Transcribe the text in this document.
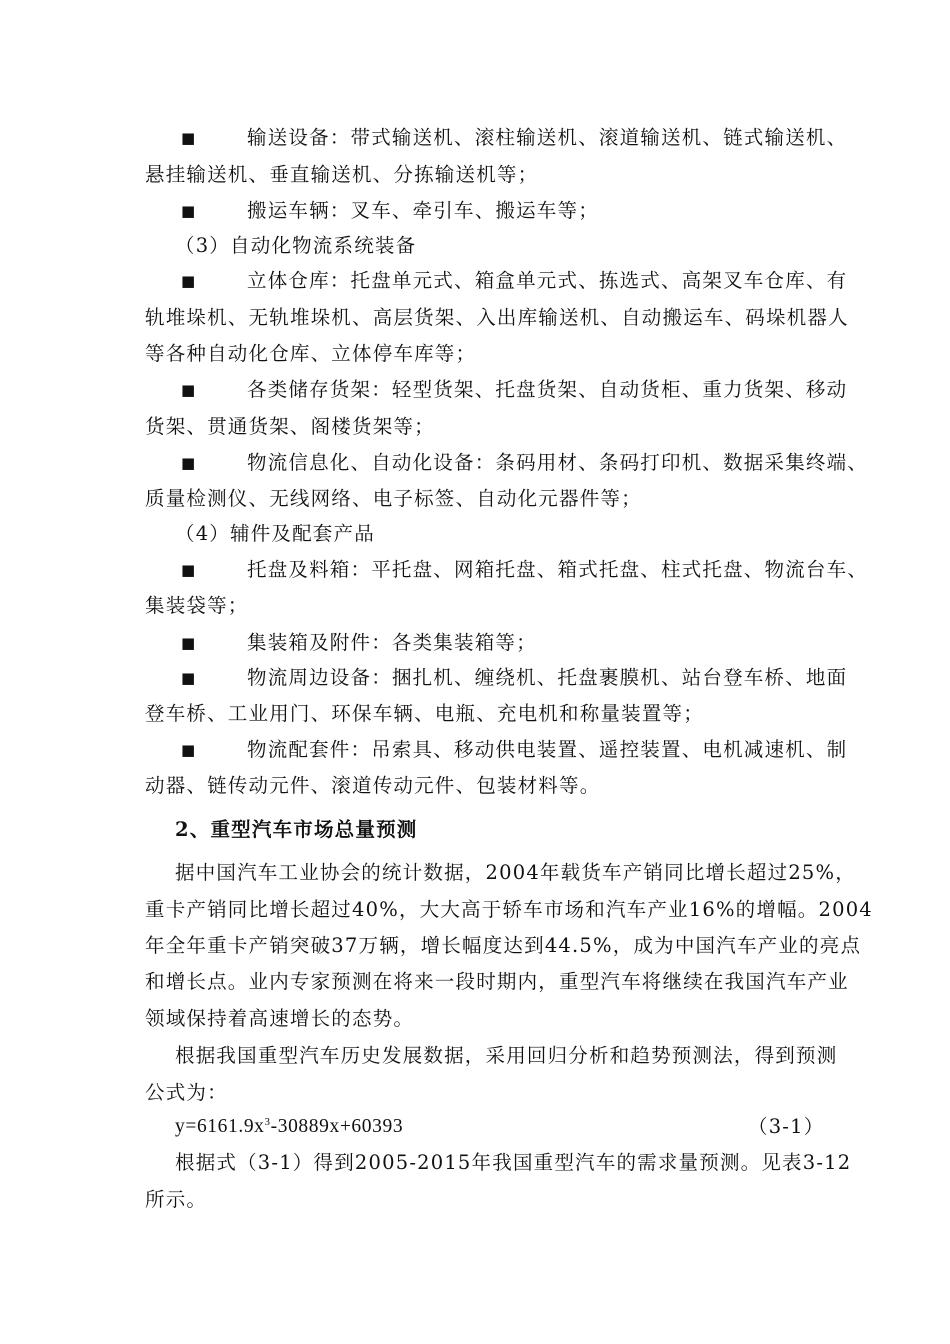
■	输送设备：带式输送机、滚柱输送机、滚道输送机、链式输送机、
悬挂输送机、垂直输送机、分拣输送机等；
■	搬运车辆：叉车、牵引车、搬运车等；
（3）自动化物流系统装备
■	立体仓库：托盘单元式、箱盒单元式、拣选式、高架叉车仓库、有
轨堆垛机、无轨堆垛机、高层货架、入出库输送机、自动搬运车、码垛机器人
等各种自动化仓库、立体停车库等；
■	各类储存货架：轻型货架、托盘货架、自动货柜、重力货架、移动
货架、贯通货架、阁楼货架等；
■	物流信息化、自动化设备：条码用材、条码打印机、数据采集终端、
质量检测仪、无线网络、电子标签、自动化元器件等；
（4）辅件及配套产品
■	托盘及料箱：平托盘、网箱托盘、箱式托盘、柱式托盘、物流台车、
集装袋等；
■	集装箱及附件：各类集装箱等；
■	物流周边设备：捆扎机、缠绕机、托盘裹膜机、站台登车桥、地面
登车桥、工业用门、环保车辆、电瓶、充电机和称量装置等；
■	物流配套件：吊索具、移动供电装置、遥控装置、电机减速机、制
动器、链传动元件、滚道传动元件、包装材料等。
2、重型汽车市场总量预测
据中国汽车工业协会的统计数据，2004年载货车产销同比增长超过25%，
重卡产销同比增长超过40%，大大高于轿车市场和汽车产业16%的增幅。2004
年全年重卡产销突破37万辆，增长幅度达到44.5%，成为中国汽车产业的亮点
和增长点。业内专家预测在将来一段时期内，重型汽车将继续在我国汽车产业
领域保持着高速增长的态势。
根据我国重型汽车历史发展数据，采用回归分析和趋势预测法，得到预测
公式为：
$y=6161.9x^3-30889x+60393$	（3-1）
根据式（3-1）得到2005-2015年我国重型汽车的需求量预测。见表3-12
所示。
